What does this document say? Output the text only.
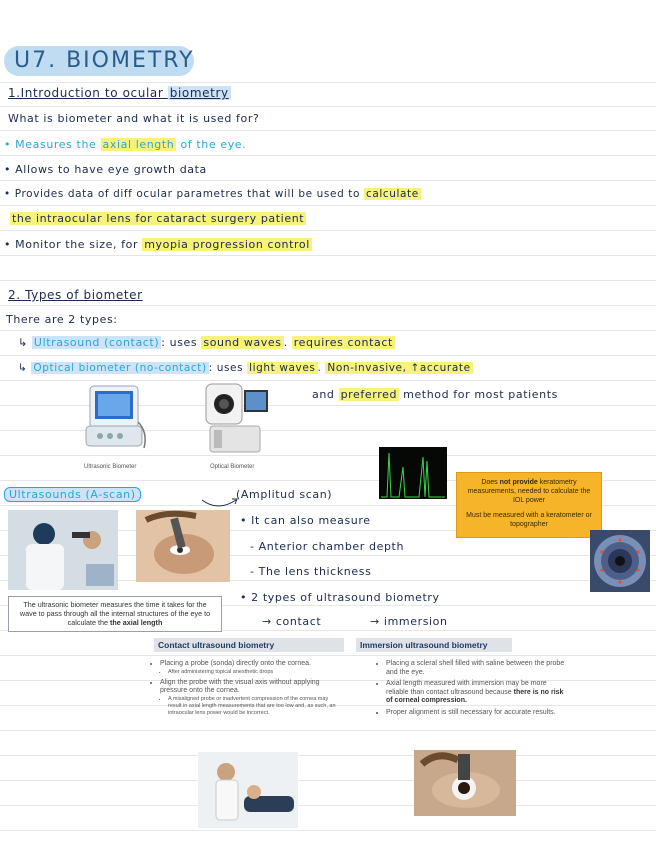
U7. BIOMETRY
1.Introduction to ocular biometry
What is biometer and what it is used for?
• Measures the axial length of the eye.
• Allows to have eye growth data
• Provides data of diff ocular parametres that will be used to calculate
the intraocular lens for cataract surgery patient
• Monitor the size, for myopia progression control
2. Types of biometer
There are 2 types:
↳ Ultrasound (contact) : uses sound waves . requires contact
↳ Optical biometer (no-contact) : uses light waves . Non-invasive, ↑accurate
and preferred method for most patients
Ultrasonic Biometer	Optical Biometer
Does not provide keratometry measurements, needed to calculate the IOL power
Must be measured with a keratometer or topographer
Ultrasounds (A-scan)	(Amplitud scan)
• It can also measure
- Anterior chamber depth
- The lens thickness
• 2 types of ultrasound biometry
→ contact	→ immersion
The ultrasonic biometer measures the time it takes for the wave to pass through all the internal structures of the eye to calculate the the axial length
Contact ultrasound biometry
• Placing a probe (sonda) directly onto the cornea.
• After administering topical anesthetic drops
• Align the probe with the visual axis without applying pressure onto the cornea.
• A misaligned probe or inadvertent compression of the cornea may result in axial length measurements that are too low and, as such, an intraocular lens power would be incorrect.
Immersion ultrasound biometry
• Placing a scleral shell filled with saline between the probe and the eye.
• Axial length measured with immersion may be more reliable than contact ultrasound because there is no risk of corneal compression.
• Proper alignment is still necessary for accurate results.
